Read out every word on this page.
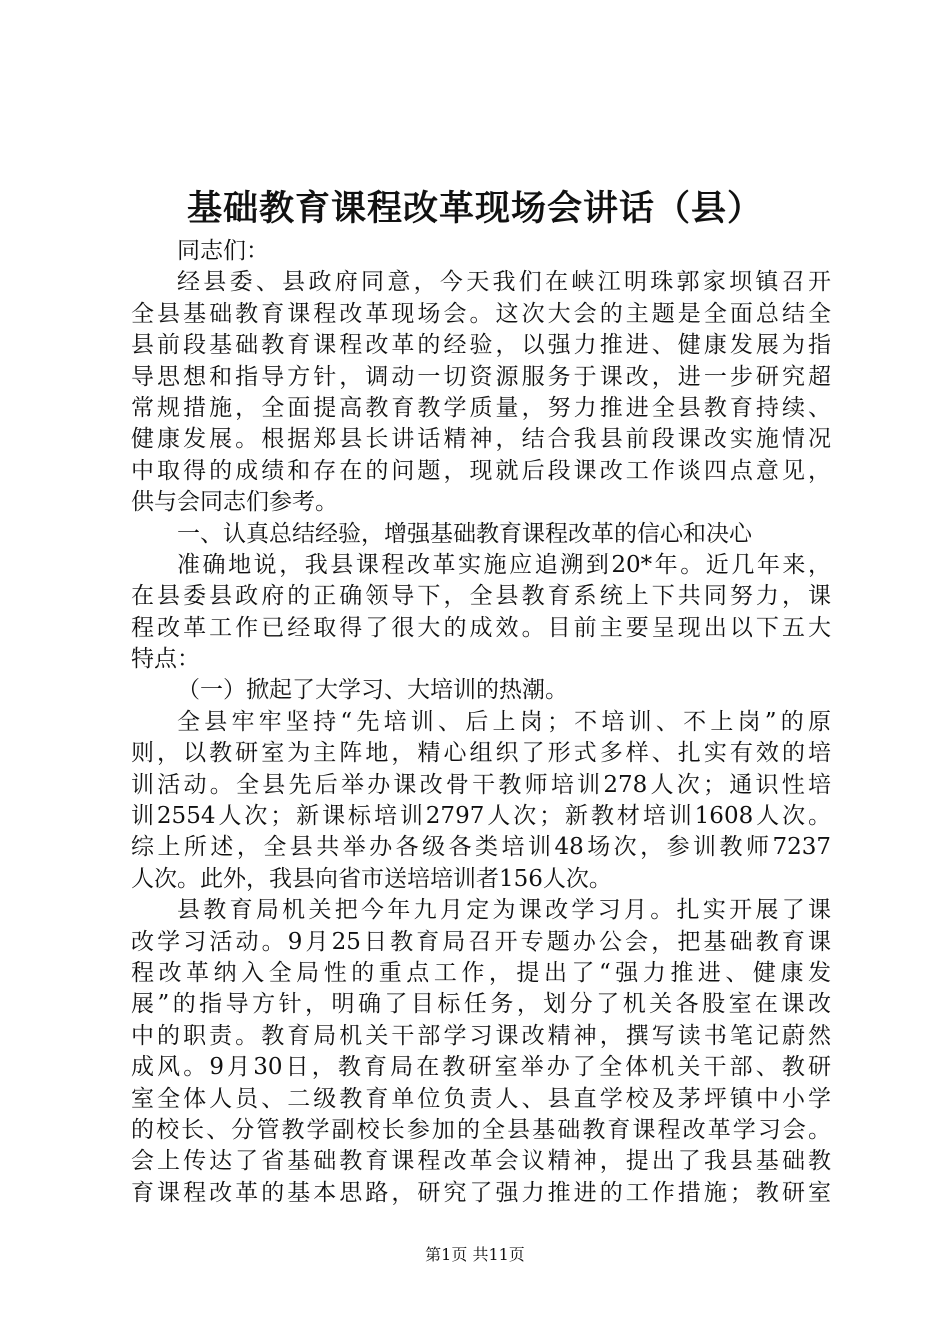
基础教育课程改革现场会讲话（县）
同志们：
经县委、县政府同意，今天我们在峡江明珠郭家坝镇召开
全县基础教育课程改革现场会。这次大会的主题是全面总结全
县前段基础教育课程改革的经验，以强力推进、健康发展为指
导思想和指导方针，调动一切资源服务于课改，进一步研究超
常规措施，全面提高教育教学质量，努力推进全县教育持续、
健康发展。根据郑县长讲话精神，结合我县前段课改实施情况
中取得的成绩和存在的问题，现就后段课改工作谈四点意见，
供与会同志们参考。
一、认真总结经验，增强基础教育课程改革的信心和决心
准确地说，我县课程改革实施应追溯到20*年。近几年来，
在县委县政府的正确领导下，全县教育系统上下共同努力，课
程改革工作已经取得了很大的成效。目前主要呈现出以下五大
特点：
（一）掀起了大学习、大培训的热潮。
全县牢牢坚持“先培训、后上岗；不培训、不上岗”的原
则，以教研室为主阵地，精心组织了形式多样、扎实有效的培
训活动。全县先后举办课改骨干教师培训278人次；通识性培
训2554人次；新课标培训2797人次；新教材培训1608人次。
综上所述，全县共举办各级各类培训48场次，参训教师7237
人次。此外，我县向省市送培培训者156人次。
县教育局机关把今年九月定为课改学习月。扎实开展了课
改学习活动。9月25日教育局召开专题办公会，把基础教育课
程改革纳入全局性的重点工作，提出了“强力推进、健康发
展”的指导方针，明确了目标任务，划分了机关各股室在课改
中的职责。教育局机关干部学习课改精神，撰写读书笔记蔚然
成风。9月30日，教育局在教研室举办了全体机关干部、教研
室全体人员、二级教育单位负责人、县直学校及茅坪镇中小学
的校长、分管教学副校长参加的全县基础教育课程改革学习会。
会上传达了省基础教育课程改革会议精神，提出了我县基础教
育课程改革的基本思路，研究了强力推进的工作措施；教研室
第1页 共11页
